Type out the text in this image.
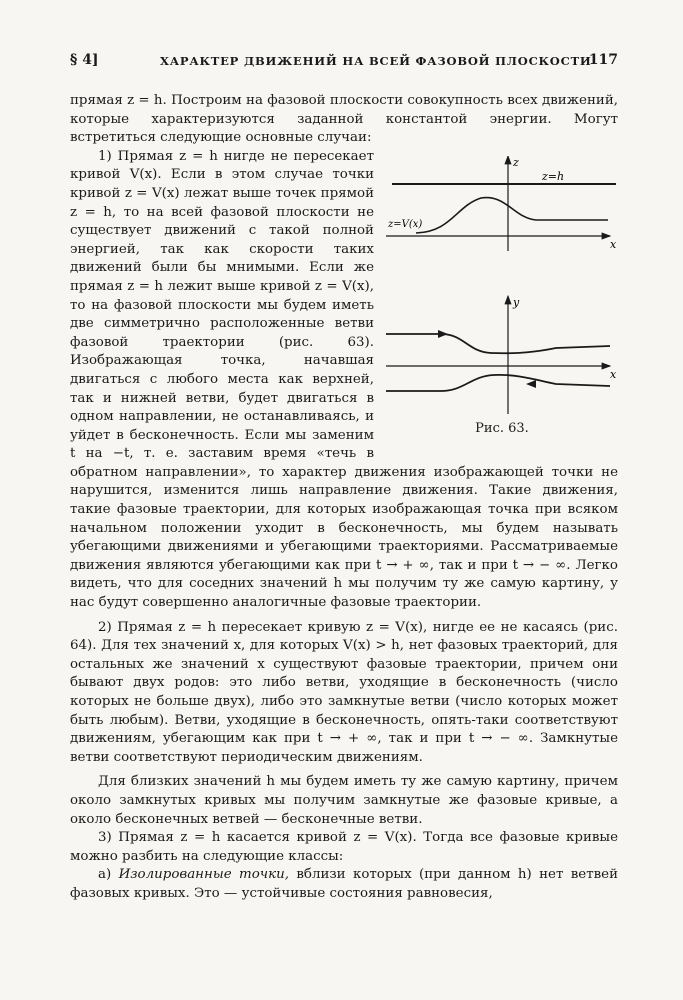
§ 4]	ХАРАКТЕР ДВИЖЕНИЙ НА ВСЕЙ ФАЗОВОЙ ПЛОСКОСТИ
117

прямая z = h. Построим на фазовой плоскости совокупность всех движений, которые характеризуются заданной константой энергии. Могут встретиться следующие основные случаи:

z
x
z=h
z=V(x)
y
x
Рис. 63.

1) Прямая z = h нигде не пересекает кривой V(x). Если в этом случае точки кривой z = V(x) лежат выше точек прямой z = h, то на всей фазовой плоскости не существует движений с такой полной энергией, так как скорости таких движений были бы мнимыми. Если же прямая z = h лежит выше кривой z = V(x), то на фазовой плоскости мы будем иметь две симметрично расположенные ветви фазовой траектории (рис. 63). Изображающая точка, начавшая двигаться с любого места как верхней, так и нижней ветви, будет двигаться в одном направлении, не останавливаясь, и уйдет в бесконечность. Если мы заменим t на −t, т. е. заставим время «течь в обратном направлении», то характер движения изображающей точки не нарушится, изменится лишь направление движения. Такие движения, такие фазовые траектории, для которых изображающая точка при всяком начальном положении уходит в бесконечность, мы будем называть убегающими движениями и убегающими траекториями. Рассматриваемые движения являются убегающими как при t → + ∞, так и при t → − ∞. Легко видеть, что для соседних значений h мы получим ту же самую картину, у нас будут совершенно аналогичные фазовые траектории.

2) Прямая z = h пересекает кривую z = V(x), нигде ее не касаясь (рис. 64). Для тех значений x, для которых V(x) > h, нет фазовых траекторий, для остальных же значений x существуют фазовые траектории, причем они бывают двух родов: это либо ветви, уходящие в бесконечность (число которых не больше двух), либо это замкнутые ветви (число которых может быть любым). Ветви, уходящие в бесконечность, опять-таки соответствуют движениям, убегающим как при t → + ∞, так и при t → − ∞. Замкнутые ветви соответствуют периодическим движениям.

Для близких значений h мы будем иметь ту же самую картину, причем около замкнутых кривых мы получим замкнутые же фазовые кривые, а около бесконечных ветвей — бесконечные ветви.

3) Прямая z = h касается кривой z = V(x). Тогда все фазовые кривые можно разбить на следующие классы:

а) Изолированные точки, вблизи которых (при данном h) нет ветвей фазовых кривых. Это — устойчивые состояния равновесия,
